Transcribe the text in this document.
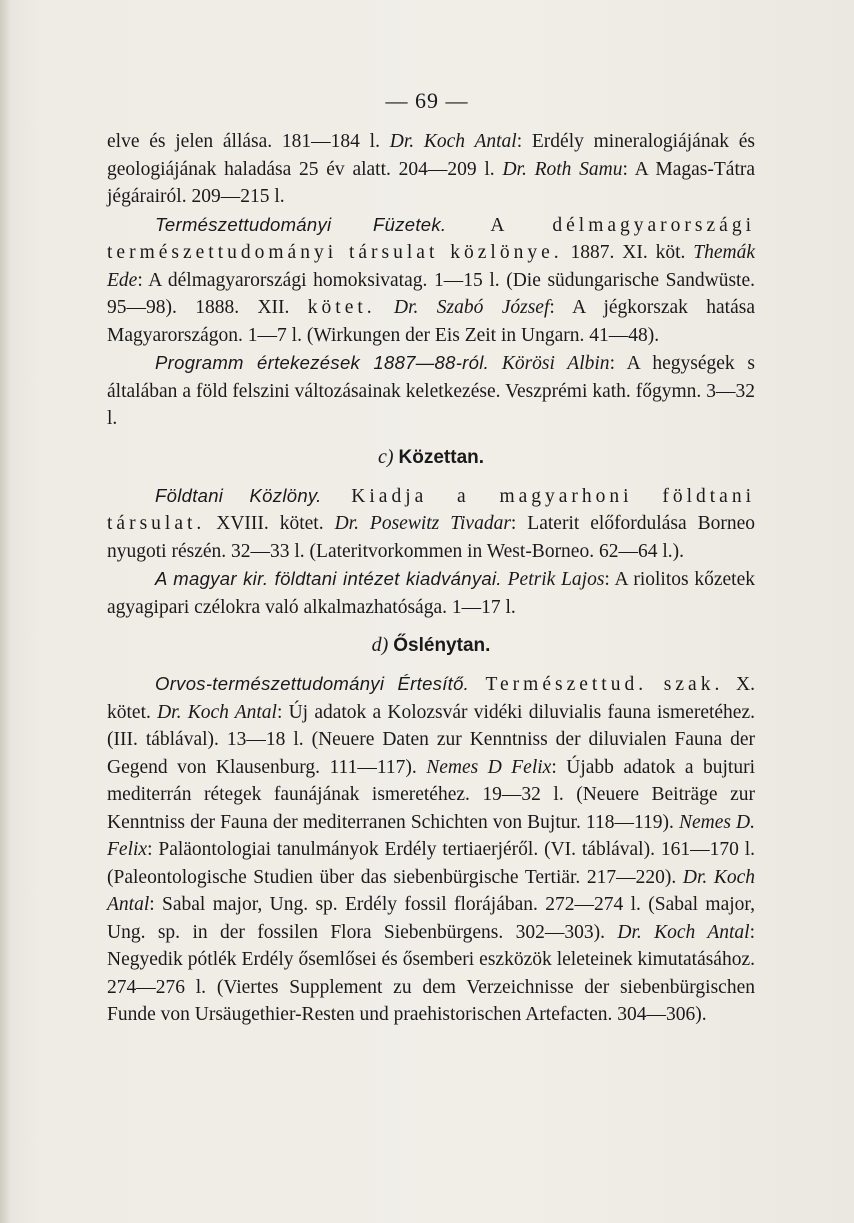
— 69 —

elve és jelen állása. 181—184 l. Dr. Koch Antal: Erdély mineralogiájának és geologiájának haladása 25 év alatt. 204—209 l. Dr. Roth Samu: A Magas-Tátra jégárairól. 209—215 l.

Természettudományi Füzetek. A délmagyarországi természettudományi társulat közlönye. 1887. XI. köt. Themák Ede: A délmagyarországi homoksivatag. 1—15 l. (Die südungarische Sandwüste. 95—98). 1888. XII. kötet. Dr. Szabó József: A jégkorszak hatása Magyarországon. 1—7 l. (Wirkungen der Eis Zeit in Ungarn. 41—48).

Programm értekezések 1887—88-ról. Körösi Albin: A hegységek s általában a föld felszini változásainak keletkezése. Veszprémi kath. főgymn. 3—32 l.

c) Közettan.

Földtani Közlöny. Kiadja a magyarhoni földtani társulat. XVIII. kötet. Dr. Posewitz Tivadar: Laterit előfordulása Borneo nyugoti részén. 32—33 l. (Lateritvorkommen in West-Borneo. 62—64 l.).

A magyar kir. földtani intézet kiadványai. Petrik Lajos: A riolitos kőzetek agyagipari czélokra való alkalmazhatósága. 1—17 l.

d) Őslénytan.

Orvos-természettudományi Értesítő. Természettud. szak. X. kötet. Dr. Koch Antal: Új adatok a Kolozsvár vidéki diluvialis fauna ismeretéhez. (III. táblával). 13—18 l. (Neuere Daten zur Kenntniss der diluvialen Fauna der Gegend von Klausenburg. 111—117). Nemes D Felix: Újabb adatok a bujturi mediterrán rétegek faunájának ismeretéhez. 19—32 l. (Neuere Beiträge zur Kenntniss der Fauna der mediterranen Schichten von Bujtur. 118—119). Nemes D. Felix: Paläontologiai tanulmányok Erdély tertiaerjéről. (VI. táblával). 161—170 l. (Paleontologische Studien über das siebenbürgische Tertiär. 217—220). Dr. Koch Antal: Sabal major, Ung. sp. Erdély fossil florájában. 272—274 l. (Sabal major, Ung. sp. in der fossilen Flora Siebenbürgens. 302—303). Dr. Koch Antal: Negyedik pótlék Erdély ősemlősei és ősemberi eszközök leleteinek kimutatásához. 274—276 l. (Viertes Supplement zu dem Verzeichnisse der siebenbürgischen Funde von Ursäugethier-Resten und praehistorischen Artefacten. 304—306).
